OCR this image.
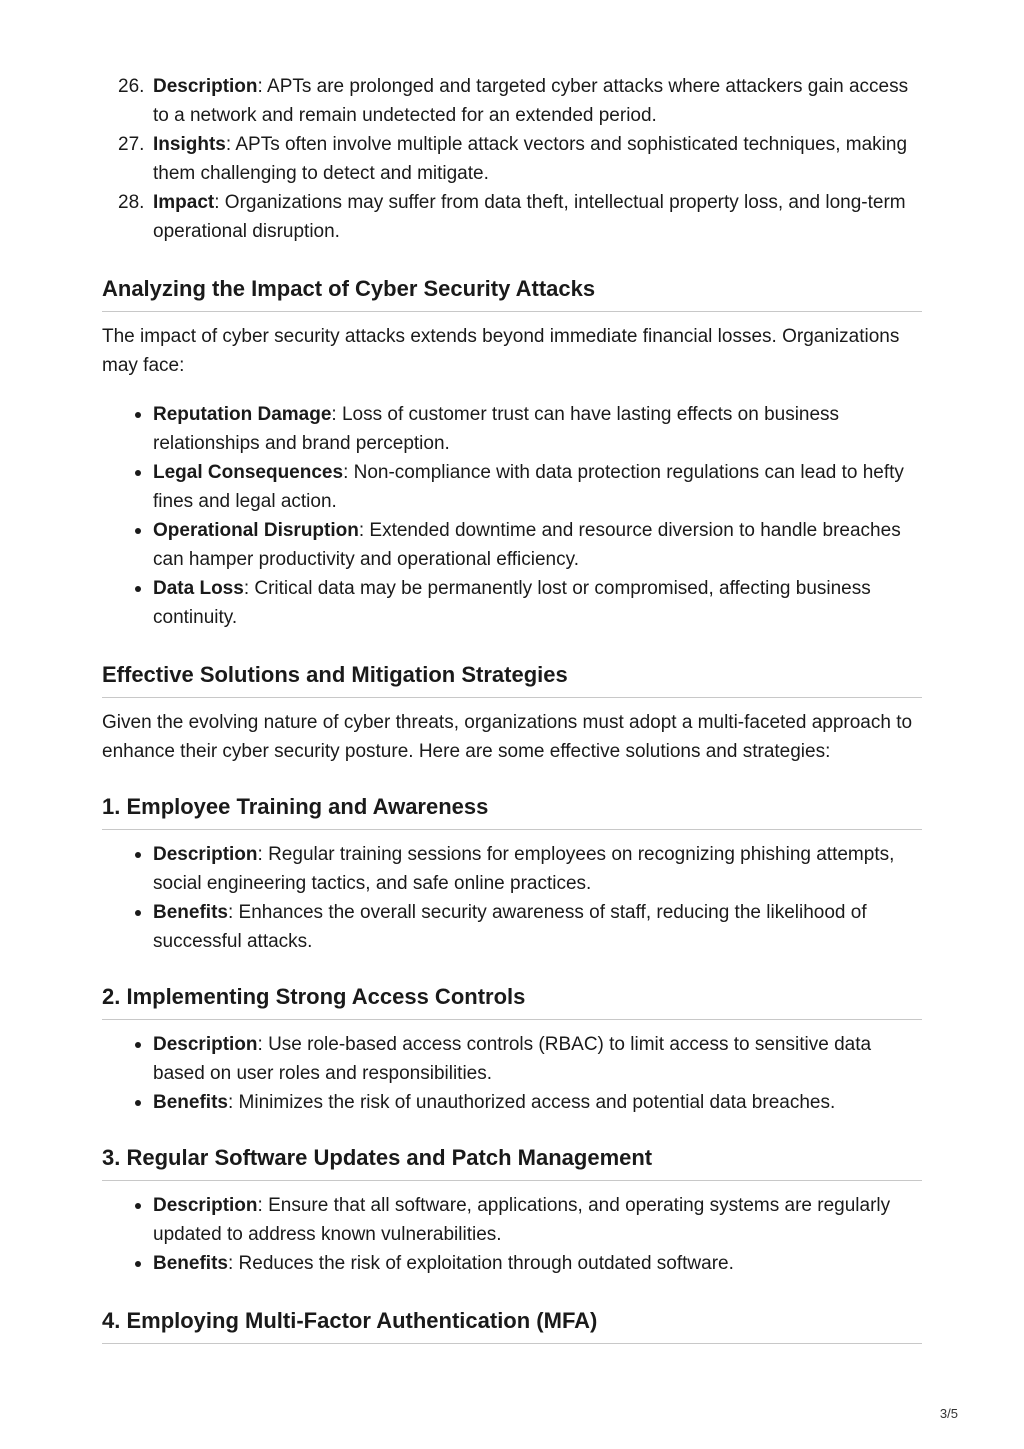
26. Description: APTs are prolonged and targeted cyber attacks where attackers gain access to a network and remain undetected for an extended period.
27. Insights: APTs often involve multiple attack vectors and sophisticated techniques, making them challenging to detect and mitigate.
28. Impact: Organizations may suffer from data theft, intellectual property loss, and long-term operational disruption.
Analyzing the Impact of Cyber Security Attacks

The impact of cyber security attacks extends beyond immediate financial losses. Organizations may face:

Reputation Damage: Loss of customer trust can have lasting effects on business relationships and brand perception.
Legal Consequences: Non-compliance with data protection regulations can lead to hefty fines and legal action.
Operational Disruption: Extended downtime and resource diversion to handle breaches can hamper productivity and operational efficiency.
Data Loss: Critical data may be permanently lost or compromised, affecting business continuity.
Effective Solutions and Mitigation Strategies

Given the evolving nature of cyber threats, organizations must adopt a multi-faceted approach to enhance their cyber security posture. Here are some effective solutions and strategies:

1. Employee Training and Awareness
Description: Regular training sessions for employees on recognizing phishing attempts, social engineering tactics, and safe online practices.
Benefits: Enhances the overall security awareness of staff, reducing the likelihood of successful attacks.
2. Implementing Strong Access Controls
Description: Use role-based access controls (RBAC) to limit access to sensitive data based on user roles and responsibilities.
Benefits: Minimizes the risk of unauthorized access and potential data breaches.
3. Regular Software Updates and Patch Management
Description: Ensure that all software, applications, and operating systems are regularly updated to address known vulnerabilities.
Benefits: Reduces the risk of exploitation through outdated software.
4. Employing Multi-Factor Authentication (MFA)
3/5
